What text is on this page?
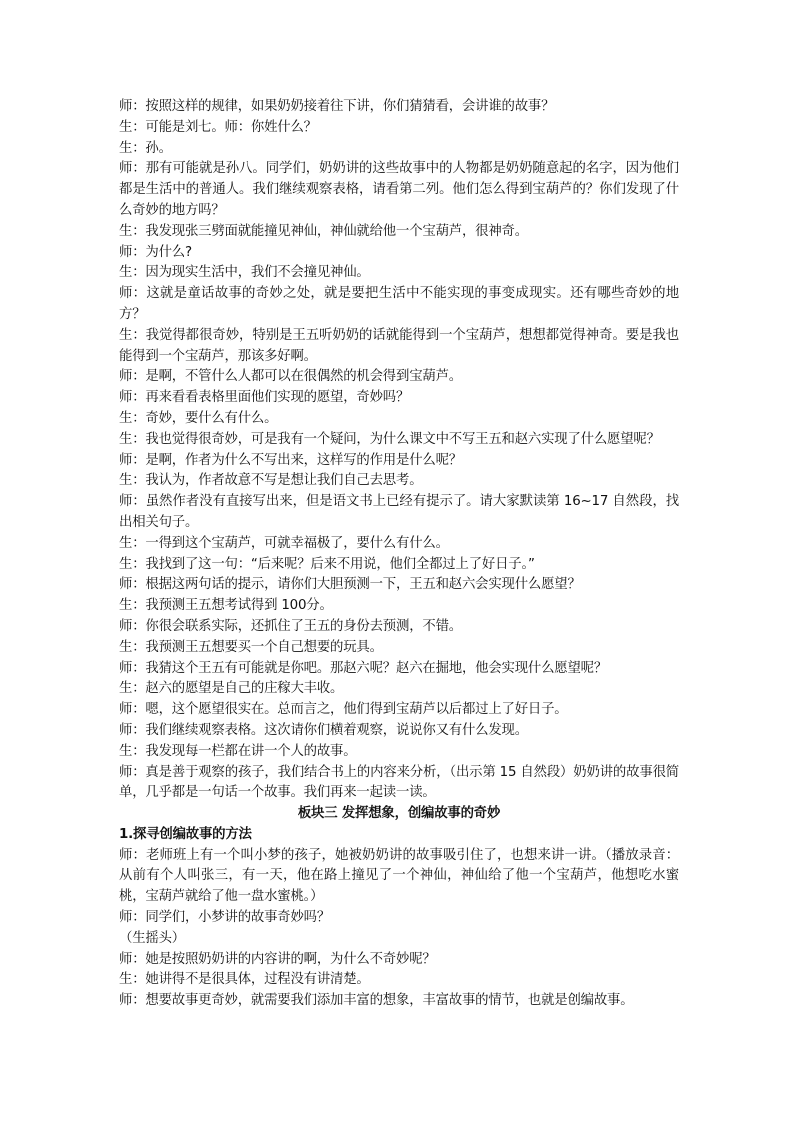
师：按照这样的规律，如果奶奶接着往下讲，你们猜猜看，会讲谁的故事？

生：可能是刘七。师：你姓什么？

生：孙。

师：那有可能就是孙八。同学们，奶奶讲的这些故事中的人物都是奶奶随意起的名字，因为他们都是生活中的普通人。我们继续观察表格，请看第二列。他们怎么得到宝葫芦的？你们发现了什么奇妙的地方吗？

生：我发现张三劈面就能撞见神仙，神仙就给他一个宝葫芦，很神奇。

师：为什么?

生：因为现实生活中，我们不会撞见神仙。

师：这就是童话故事的奇妙之处，就是要把生活中不能实现的事变成现实。还有哪些奇妙的地方？

生：我觉得都很奇妙，特别是王五听奶奶的话就能得到一个宝葫芦，想想都觉得神奇。要是我也能得到一个宝葫芦，那该多好啊。

师：是啊，不管什么人都可以在很偶然的机会得到宝葫芦。

师：再来看看表格里面他们实现的愿望，奇妙吗？

生：奇妙，要什么有什么。

生：我也觉得很奇妙，可是我有一个疑问，为什么课文中不写王五和赵六实现了什么愿望呢？

师：是啊，作者为什么不写出来，这样写的作用是什么呢？

生：我认为，作者故意不写是想让我们自己去思考。

师：虽然作者没有直接写出来，但是语文书上已经有提示了。请大家默读第 16~17 自然段，找出相关句子。

生：一得到这个宝葫芦，可就幸福极了，要什么有什么。

生：我找到了这一句：“后来呢？后来不用说，他们全都过上了好日子。”

师：根据这两句话的提示，请你们大胆预测一下，王五和赵六会实现什么愿望？

生：我预测王五想考试得到 100分。

师：你很会联系实际，还抓住了王五的身份去预测，不错。

生：我预测王五想要买一个自己想要的玩具。

师：我猜这个王五有可能就是你吧。那赵六呢？赵六在掘地，他会实现什么愿望呢？

生：赵六的愿望是自己的庄稼大丰收。

师：嗯，这个愿望很实在。总而言之，他们得到宝葫芦以后都过上了好日子。

师：我们继续观察表格。这次请你们横着观察，说说你又有什么发现。

生：我发现每一栏都在讲一个人的故事。

师：真是善于观察的孩子，我们结合书上的内容来分析，（出示第 15 自然段）奶奶讲的故事很简单，几乎都是一句话一个故事。我们再来一起读一读。

板块三 发挥想象，创编故事的奇妙

1.探寻创编故事的方法

师：老师班上有一个叫小梦的孩子，她被奶奶讲的故事吸引住了，也想来讲一讲。（播放录音：从前有个人叫张三，有一天，他在路上撞见了一个神仙，神仙给了他一个宝葫芦，他想吃水蜜桃，宝葫芦就给了他一盘水蜜桃。）

师：同学们，小梦讲的故事奇妙吗？

（生摇头）

师：她是按照奶奶讲的内容讲的啊，为什么不奇妙呢？

生：她讲得不是很具体，过程没有讲清楚。

师：想要故事更奇妙，就需要我们添加丰富的想象，丰富故事的情节，也就是创编故事。
